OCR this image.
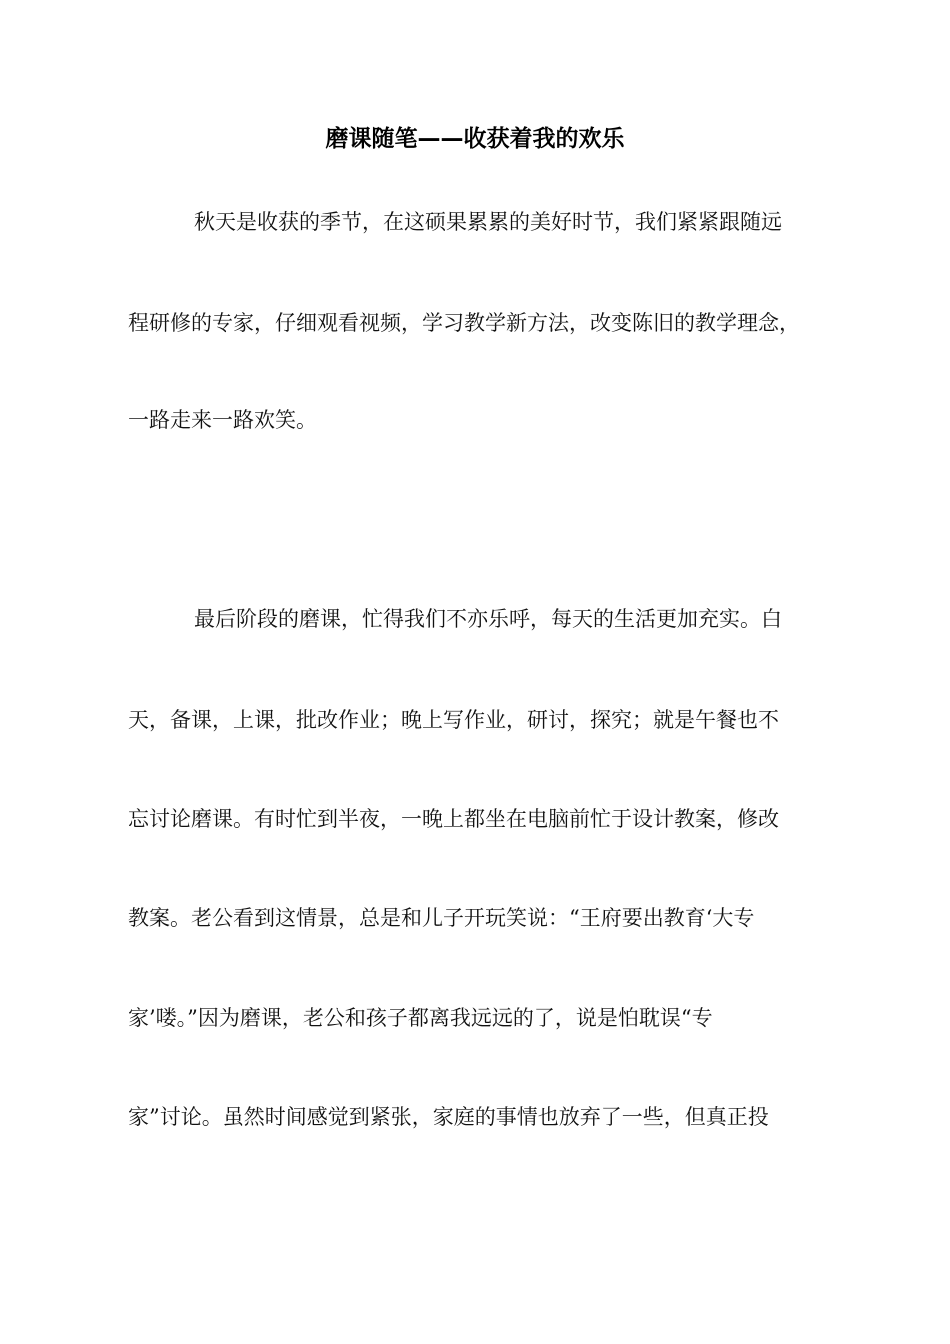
磨课随笔——收获着我的欢乐
秋天是收获的季节，在这硕果累累的美好时节，我们紧紧跟随远
程研修的专家，仔细观看视频，学习教学新方法，改变陈旧的教学理念，
一路走来一路欢笑。
最后阶段的磨课，忙得我们不亦乐呼，每天的生活更加充实。白
天，备课，上课，批改作业；晚上写作业，研讨，探究；就是午餐也不
忘讨论磨课。有时忙到半夜，一晚上都坐在电脑前忙于设计教案，修改
教案。老公看到这情景，总是和儿子开玩笑说：“王府要出教育‘大专
家’喽。”因为磨课，老公和孩子都离我远远的了，说是怕耽误“专
家”讨论。虽然时间感觉到紧张，家庭的事情也放弃了一些，但真正投
